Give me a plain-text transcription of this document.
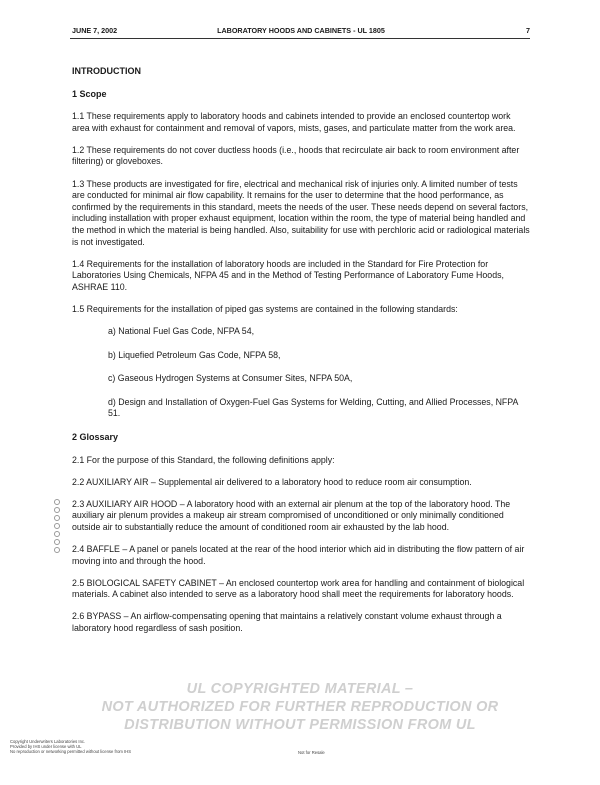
JUNE 7, 2002	LABORATORY HOODS AND CABINETS - UL 1805	7
INTRODUCTION
1 Scope
1.1 These requirements apply to laboratory hoods and cabinets intended to provide an enclosed countertop work area with exhaust for containment and removal of vapors, mists, gases, and particulate matter from the work area.
1.2 These requirements do not cover ductless hoods (i.e., hoods that recirculate air back to room environment after filtering) or gloveboxes.
1.3 These products are investigated for fire, electrical and mechanical risk of injuries only. A limited number of tests are conducted for minimal air flow capability. It remains for the user to determine that the hood performance, as confirmed by the requirements in this standard, meets the needs of the user. These needs depend on several factors, including installation with proper exhaust equipment, location within the room, the type of material being handled and the method in which the material is being handled. Also, suitability for use with perchloric acid or radiological materials is not investigated.
1.4 Requirements for the installation of laboratory hoods are included in the Standard for Fire Protection for Laboratories Using Chemicals, NFPA 45 and in the Method of Testing Performance of Laboratory Fume Hoods, ASHRAE 110.
1.5 Requirements for the installation of piped gas systems are contained in the following standards:
a) National Fuel Gas Code, NFPA 54,
b) Liquefied Petroleum Gas Code, NFPA 58,
c) Gaseous Hydrogen Systems at Consumer Sites, NFPA 50A,
d) Design and Installation of Oxygen-Fuel Gas Systems for Welding, Cutting, and Allied Processes, NFPA 51.
2 Glossary
2.1 For the purpose of this Standard, the following definitions apply:
2.2 AUXILIARY AIR – Supplemental air delivered to a laboratory hood to reduce room air consumption.
2.3 AUXILIARY AIR HOOD – A laboratory hood with an external air plenum at the top of the laboratory hood. The auxiliary air plenum provides a makeup air stream compromised of unconditioned or only minimally conditioned outside air to substantially reduce the amount of conditioned room air exhausted by the lab hood.
2.4 BAFFLE – A panel or panels located at the rear of the hood interior which aid in distributing the flow pattern of air moving into and through the hood.
2.5 BIOLOGICAL SAFETY CABINET – An enclosed countertop work area for handling and containment of biological materials. A cabinet also intended to serve as a laboratory hood shall meet the requirements for laboratory hoods.
2.6 BYPASS – An airflow-compensating opening that maintains a relatively constant volume exhaust through a laboratory hood regardless of sash position.
UL COPYRIGHTED MATERIAL –
NOT AUTHORIZED FOR FURTHER REPRODUCTION OR
DISTRIBUTION WITHOUT PERMISSION FROM UL
Copyright Underwriters Laboratories Inc.
Provided by IHS under license with UL
No reproduction or networking permitted without license from IHS	Not for Resale
